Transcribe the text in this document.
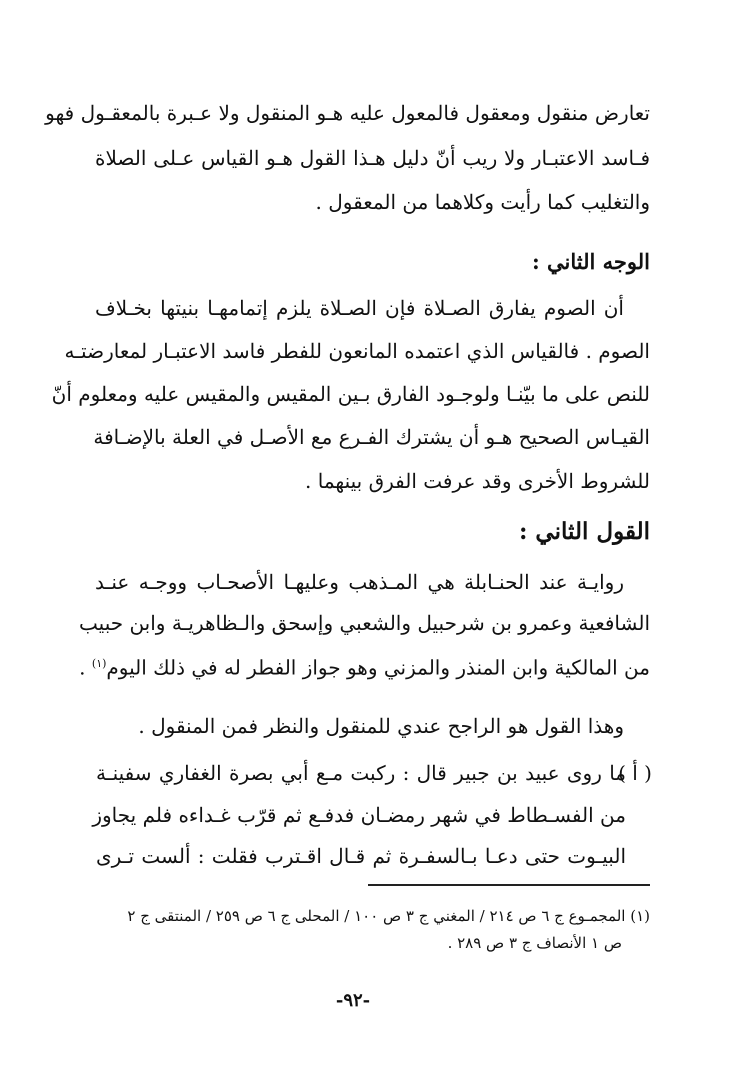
تعارض منقول ومعقول فالمعول عليه هـو المنقول ولا عـبرة بالمعقـول فهو
فـاسد الاعتبـار ولا ريب أنّ دليل هـذا القول هـو القياس عـلى الصلاة
والتغليب كما رأيت وكلاهما من المعقول .
الوجه الثاني :
أن الصوم يفارق الصـلاة فإن الصـلاة يلزم إتمامهـا بنيتها بخـلاف
الصوم . فالقياس الذي اعتمده المانعون للفطر فاسد الاعتبـار لمعارضتـه
للنص على ما بيّنـا ولوجـود الفارق بـين المقيس والمقيس عليه ومعلوم أنّ
القيـاس الصحيح هـو أن يشترك الفـرع مع الأصـل في العلة بالإضـافة
للشروط الأخرى وقد عرفت الفرق بينهما .
القول الثاني :
روايـة عند الحنـابلة هي المـذهب وعليهـا الأصحـاب ووجـه عنـد
الشافعية وعمرو بن شرحبيل والشعبي وإسحق والـظاهريـة وابن حبيب
من المالكية وابن المنذر والمزني وهو جواز الفطر له في ذلك اليوم$^{(١)}$ .
وهذا القول هو الراجح عندي للمنقول والنظر فمن المنقول .
( أ )
ما روى عبيد بن جبير قال : ركبت مـع أبي بصرة الغفاري سفينـة
من الفسـطاط في شهر رمضـان فدفـع ثم قرّب غـداءه فلم يجاوز
البيـوت حتى دعـا بـالسفـرة ثم قـال اقـترب فقلت : ألست تـرى
(١) المجمـوع ج ٦ ص ٢١٤ / المغني ج ٣ ص ١٠٠ / المحلى ج ٦ ص ٢٥٩ / المنتقى ج ٢
ص ١ الأنصاف ج ٣ ص ٢٨٩ .
-٩٢-
